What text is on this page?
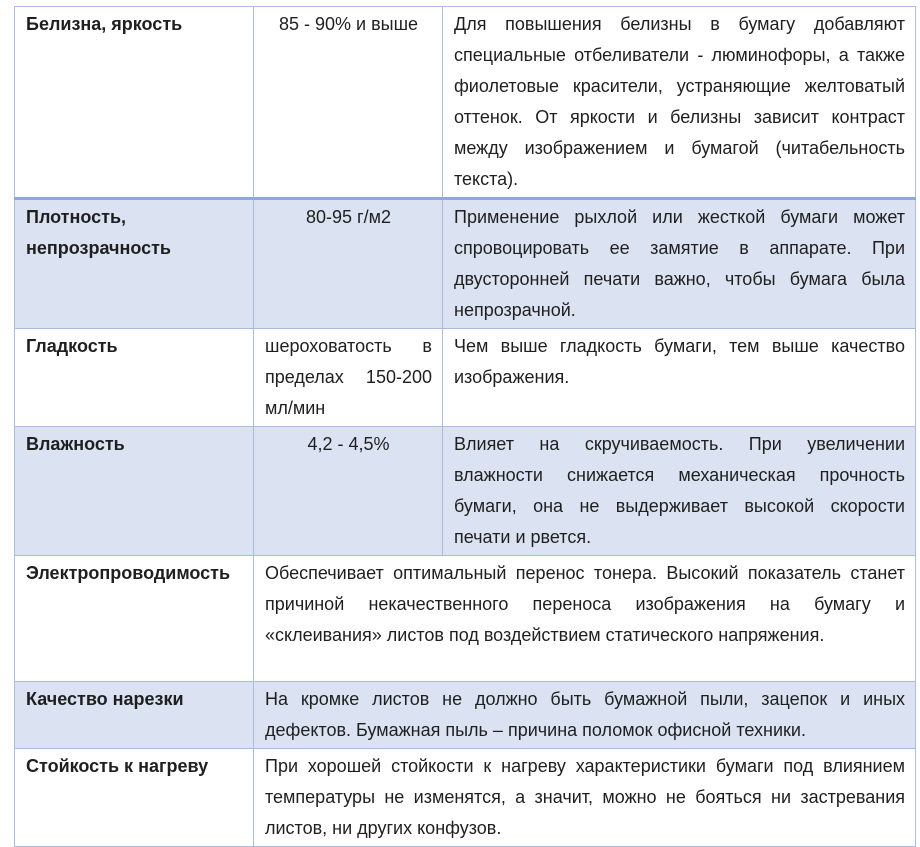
Белизна, яркость	85 - 90% и выше	Для повышения белизны в бумагу добавляют специальные отбеливатели - люминофоры, а также фиолетовые красители, устраняющие желтоватый оттенок. От яркости и белизны зависит контраст между изображением и бумагой (читабельность текста).
Плотность, непрозрачность	80-95 г/м2	Применение рыхлой или жесткой бумаги может спровоцировать ее замятие в аппарате. При двусторонней печати важно, чтобы бумага была непрозрачной.
Гладкость	шероховатость в пределах 150-200 мл/мин	Чем выше гладкость бумаги, тем выше качество изображения.
Влажность	4,2 - 4,5%	Влияет на скручиваемость. При увеличении влажности снижается механическая прочность бумаги, она не выдерживает высокой скорости печати и рвется.
Электропроводимость	Обеспечивает оптимальный перенос тонера. Высокий показатель станет причиной некачественного переноса изображения на бумагу и «склеивания» листов под воздействием статического напряжения.	
Качество нарезки	На кромке листов не должно быть бумажной пыли, зацепок и иных дефектов. Бумажная пыль – причина поломок офисной техники.	
Стойкость к нагреву	При хорошей стойкости к нагреву характеристики бумаги под влиянием температуры не изменятся, а значит, можно не бояться ни застревания листов, ни других конфузов.	
